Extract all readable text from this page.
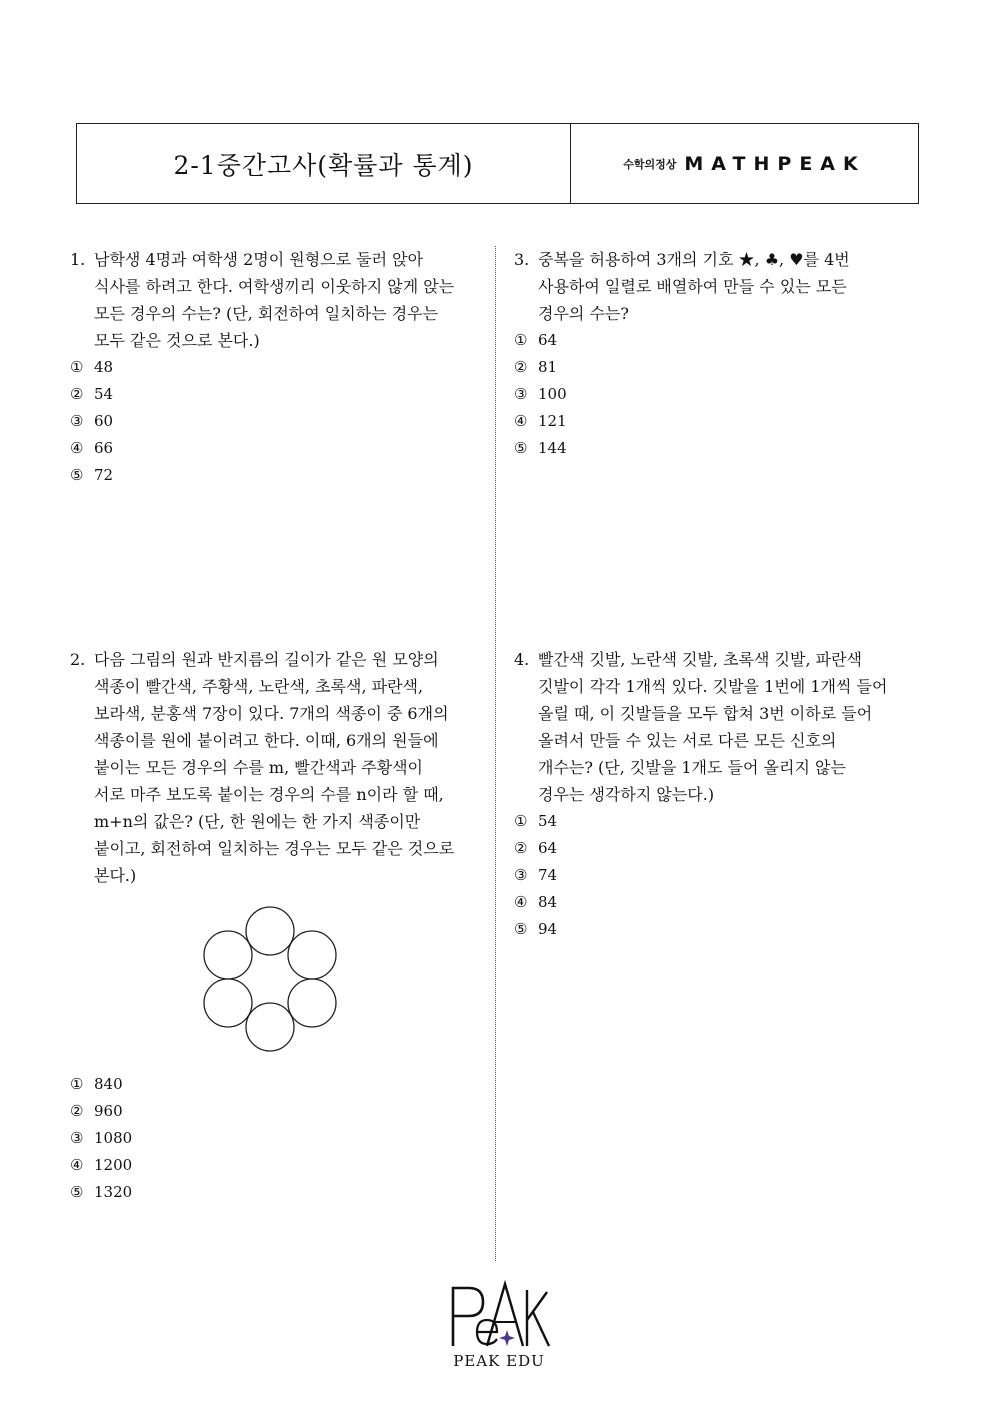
2-1중간고사(확률과 통계)	수학의정상 MATHPEAK
1. 남학생 4명과 여학생 2명이 원형으로 둘러 앉아
식사를 하려고 한다. 여학생끼리 이웃하지 않게 앉는
모든 경우의 수는? (단, 회전하여 일치하는 경우는
모두 같은 것으로 본다.)
① 48
② 54
③ 60
④ 66
⑤ 72
2. 다음 그림의 원과 반지름의 길이가 같은 원 모양의
색종이 빨간색, 주황색, 노란색, 초록색, 파란색,
보라색, 분홍색 7장이 있다. 7개의 색종이 중 6개의
색종이를 원에 붙이려고 한다. 이때, 6개의 원들에
붙이는 모든 경우의 수를 m, 빨간색과 주황색이
서로 마주 보도록 붙이는 경우의 수를 n이라 할 때,
m+n의 값은? (단, 한 원에는 한 가지 색종이만
붙이고, 회전하여 일치하는 경우는 모두 같은 것으로
본다.)
① 840
② 960
③ 1080
④ 1200
⑤ 1320
3. 중복을 허용하여 3개의 기호 ★, ♣, ♥를 4번
사용하여 일렬로 배열하여 만들 수 있는 모든
경우의 수는?
① 64
② 81
③ 100
④ 121
⑤ 144
4. 빨간색 깃발, 노란색 깃발, 초록색 깃발, 파란색
깃발이 각각 1개씩 있다. 깃발을 1번에 1개씩 들어
올릴 때, 이 깃발들을 모두 합쳐 3번 이하로 들어
올려서 만들 수 있는 서로 다른 모든 신호의
개수는? (단, 깃발을 1개도 들어 올리지 않는
경우는 생각하지 않는다.)
① 54
② 64
③ 74
④ 84
⑤ 94
PEAK EDU
